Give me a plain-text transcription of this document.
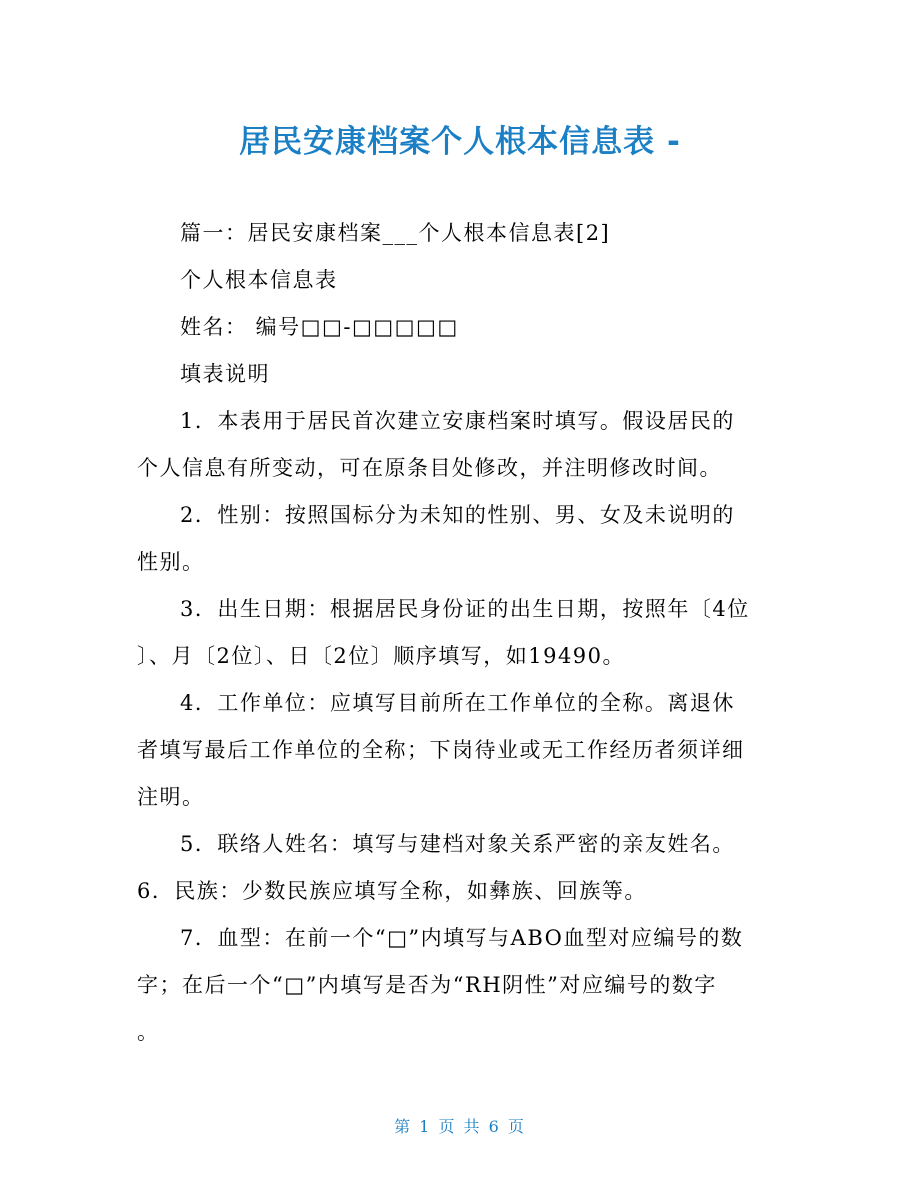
居民安康档案个人根本信息表 -
篇一：居民安康档案___个人根本信息表[2]
个人根本信息表
姓名： 编号□□-□□□□□
填表说明
1．本表用于居民首次建立安康档案时填写。假设居民的
个人信息有所变动，可在原条目处修改，并注明修改时间。
2．性别：按照国标分为未知的性别、男、女及未说明的
性别。
3．出生日期：根据居民身份证的出生日期，按照年〔4位
〕、月〔2位〕、日〔2位〕顺序填写，如19490。
4．工作单位：应填写目前所在工作单位的全称。离退休
者填写最后工作单位的全称；下岗待业或无工作经历者须详细
注明。
5．联络人姓名：填写与建档对象关系严密的亲友姓名。
6．民族：少数民族应填写全称，如彝族、回族等。
7．血型：在前一个“□”内填写与ABO血型对应编号的数
字；在后一个“□”内填写是否为“RH阴性”对应编号的数字
。
第 1 页 共 6 页
